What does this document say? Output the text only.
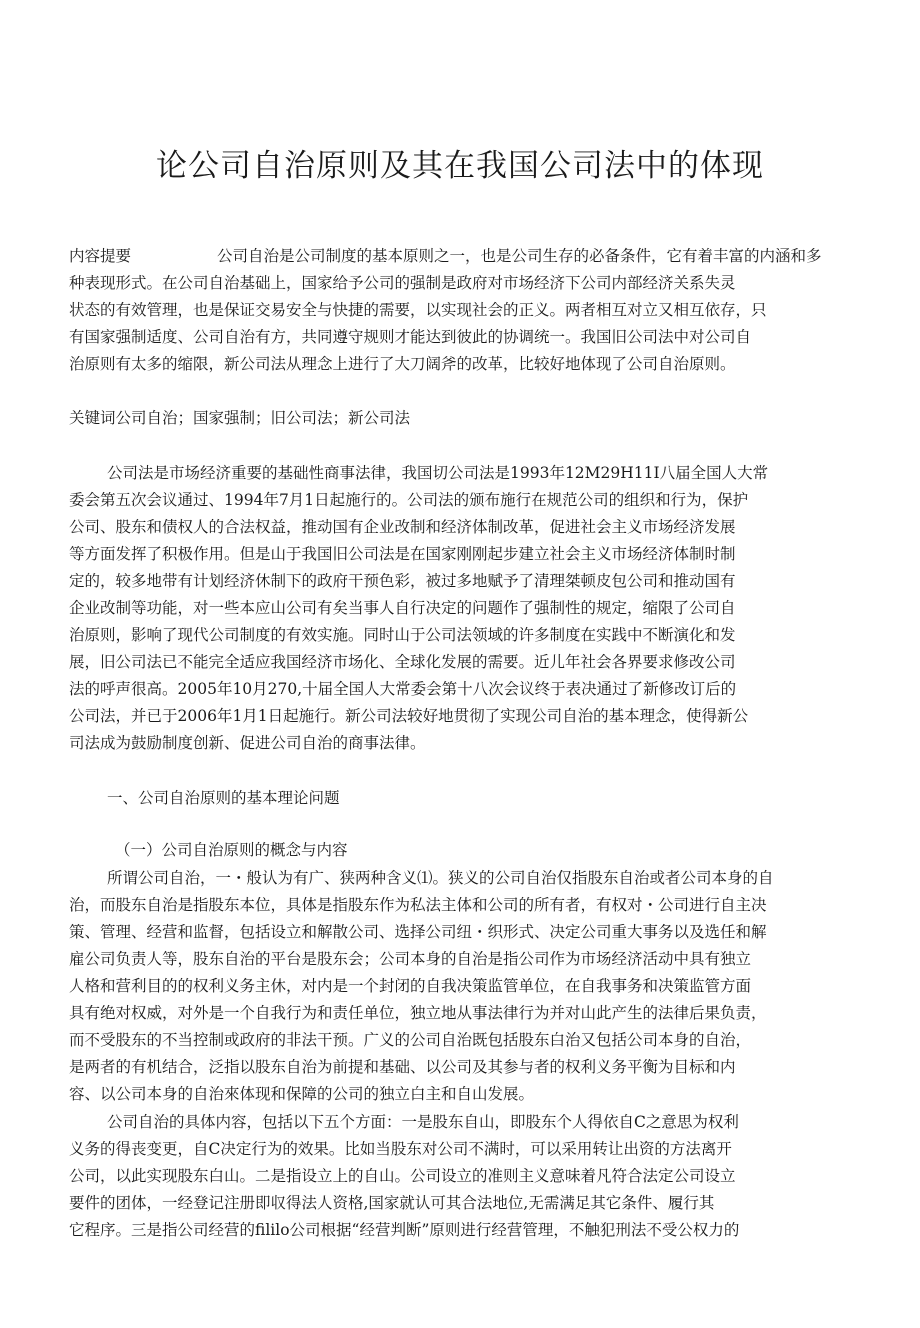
论公司自治原则及其在我国公司法中的体现
内容提要	公司自治是公司制度的基本原则之一，也是公司生存的必备条件，它有着丰富的内涵和多
种表现形式。在公司自治基础上，国家给予公司的强制是政府对市场经济下公司内部经济关系失灵
状态的有效管理，也是保证交易安全与快捷的需要，以实现社会的正义。两者相互对立又相互依存，只
有国家强制适度、公司自治有方，共同遵守规则才能达到彼此的协调统一。我国旧公司法中对公司自
治原则有太多的缩限，新公司法从理念上进行了大刀阔斧的改革，比较好地体现了公司自治原则。
关键词公司自治；国家强制；旧公司法；新公司法
公司法是市场经济重要的基础性商事法律，我国切公司法是1993年12M29H11I八届全国人大常
委会第五次会议通过、1994年7月1日起施行的。公司法的颁布施行在规范公司的组织和行为，保护
公司、股东和债权人的合法权益，推动国有企业改制和经济体制改革，促进社会主义市场经济发展
等方面发挥了积极作用。但是山于我国旧公司法是在国家刚刚起步建立社会主义市场经济体制时制
定的，较多地带有计划经济休制下的政府干预色彩，被过多地赋予了清理桀顿皮包公司和推动国有
企业改制等功能，对一些本应山公司有矣当事人自行决定的问题作了强制性的规定，缩限了公司自
治原则，影响了现代公司制度的有效实施。同时山于公司法领域的许多制度在实践中不断演化和发
展，旧公司法已不能完全适应我国经济市场化、全球化发展的需要。近儿年社会各界要求修改公司
法的呼声很高。2005年10月270,十届全国人大常委会第十八次会议终于表决通过了新修改订后的
公司法，并已于2006年1月1日起施行。新公司法较好地贯彻了实现公司自治的基本理念，使得新公
司法成为鼓励制度创新、促进公司自治的商事法律。
一、公司自治原则的基本理论问题
（一）公司自治原则的概念与内容
所谓公司自治，一・般认为有广、狭两种含义⑴。狭义的公司自治仅指股东自治或者公司本身的自
治，而股东自治是指股东本位，具体是指股东作为私法主体和公司的所有者，有权对・公司进行自主决
策、管理、经营和监督，包括设立和解散公司、选择公司纽・织形式、决定公司重大事务以及选任和解
雇公司负责人等，股东自治的平台是股东会；公司本身的自治是指公司作为市场经济活动中具有独立
人格和营利目的的权利义务主休，对内是一个封闭的自我决策监管单位，在自我事务和决策监管方面
具有绝对权威，对外是一个自我行为和责任单位，独立地从事法律行为并对山此产生的法律后果负责，
而不受股东的不当控制或政府的非法干预。广义的公司自治既包括股东白治又包括公司本身的自治，
是两者的有机结合，泛指以股东自治为前提和基础、以公司及其参与者的权利义务平衡为目标和内
容、以公司本身的自治來体现和保障的公司的独立白主和自山发展。
公司自治的具体内容，包括以下五个方面：一是股东自山，即股东个人得依自C之意思为权利
义务的得丧变更，自C决定行为的效果。比如当股东对公司不满时，可以采用转让出资的方法离开
公司，以此实现股东白山。二是指设立上的自山。公司设立的准则主义意味着凡符合法定公司设立
要件的团体，一经登记注册即収得法人资格,国家就认可其合法地位,无需满足其它条件、履行其
它程序。三是指公司经营的fililo公司根据“经营判断”原则进行经营管理，不触犯刑法不受公权力的
